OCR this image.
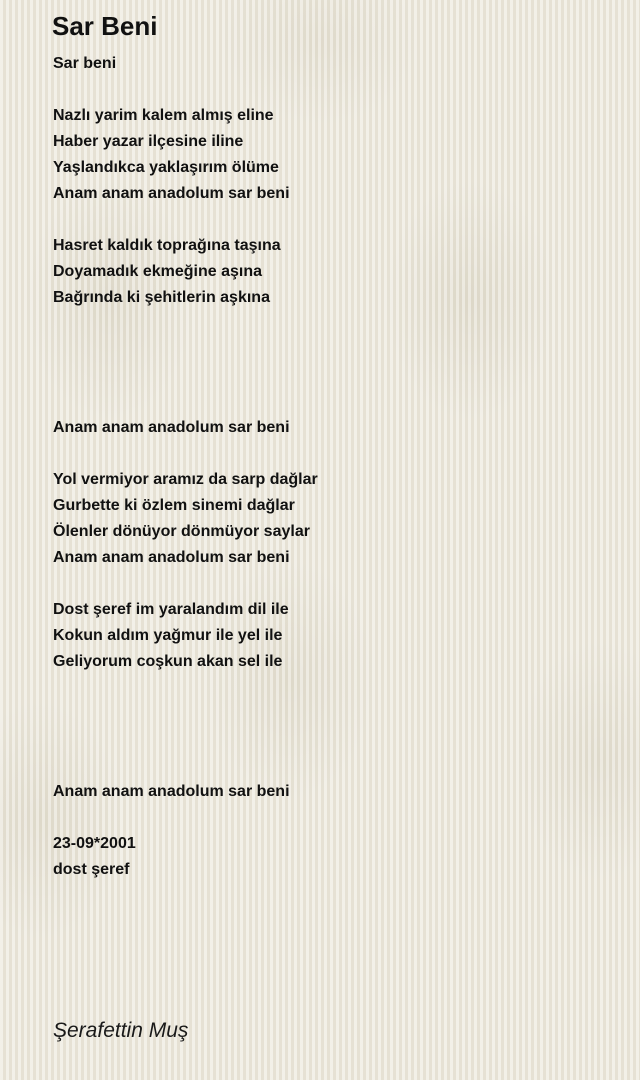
Sar Beni
Sar beni
Nazlı yarim kalem almış eline
Haber yazar ilçesine iline
Yaşlandıkca yaklaşırım ölüme
Anam anam anadolum sar beni
Hasret kaldık toprağına taşına
Doyamadık ekmeğine aşına
Bağrında ki şehitlerin aşkına
Anam anam anadolum sar beni
Yol vermiyor aramız da sarp dağlar
Gurbette ki özlem sinemi dağlar
Ölenler dönüyor dönmüyor saylar
Anam anam anadolum sar beni
Dost şeref im yaralandım dil ile
Kokun aldım yağmur ile yel ile
Geliyorum coşkun akan sel ile
Anam anam anadolum sar beni
23-09*2001
dost şeref
Şerafettin Muş
